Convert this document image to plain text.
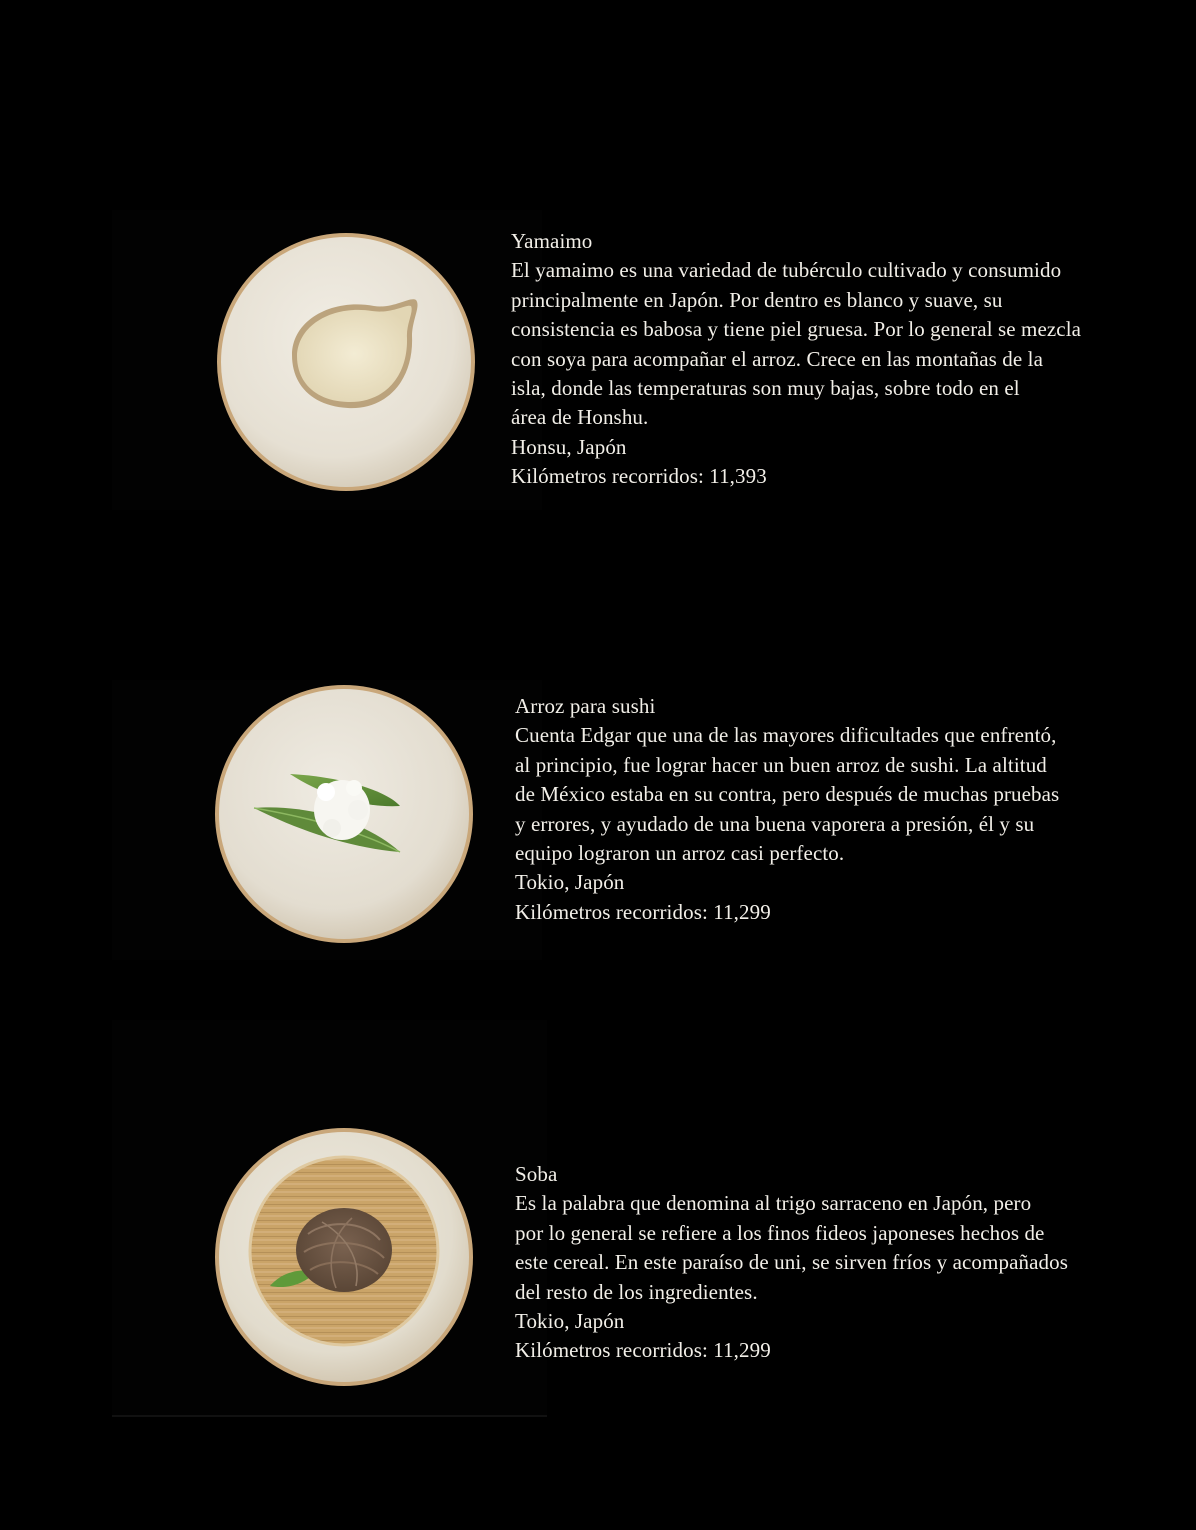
Yamaimo

El yamaimo es una variedad de tubérculo cultivado y consumido
principalmente en Japón. Por dentro es blanco y suave, su
consistencia es babosa y tiene piel gruesa. Por lo general se mezcla
con soya para acompañar el arroz. Crece en las montañas de la
isla, donde las temperaturas son muy bajas, sobre todo en el
área de Honshu.

Honsu, Japón

Kilómetros recorridos: 11,393

Arroz para sushi

Cuenta Edgar que una de las mayores dificultades que enfrentó,
al principio, fue lograr hacer un buen arroz de sushi. La altitud
de México estaba en su contra, pero después de muchas pruebas
y errores, y ayudado de una buena vaporera a presión, él y su
equipo lograron un arroz casi perfecto.

Tokio, Japón

Kilómetros recorridos: 11,299

Soba

Es la palabra que denomina al trigo sarraceno en Japón, pero
por lo general se refiere a los finos fideos japoneses hechos de
este cereal. En este paraíso de uni, se sirven fríos y acompañados
del resto de los ingredientes.

Tokio, Japón

Kilómetros recorridos: 11,299
